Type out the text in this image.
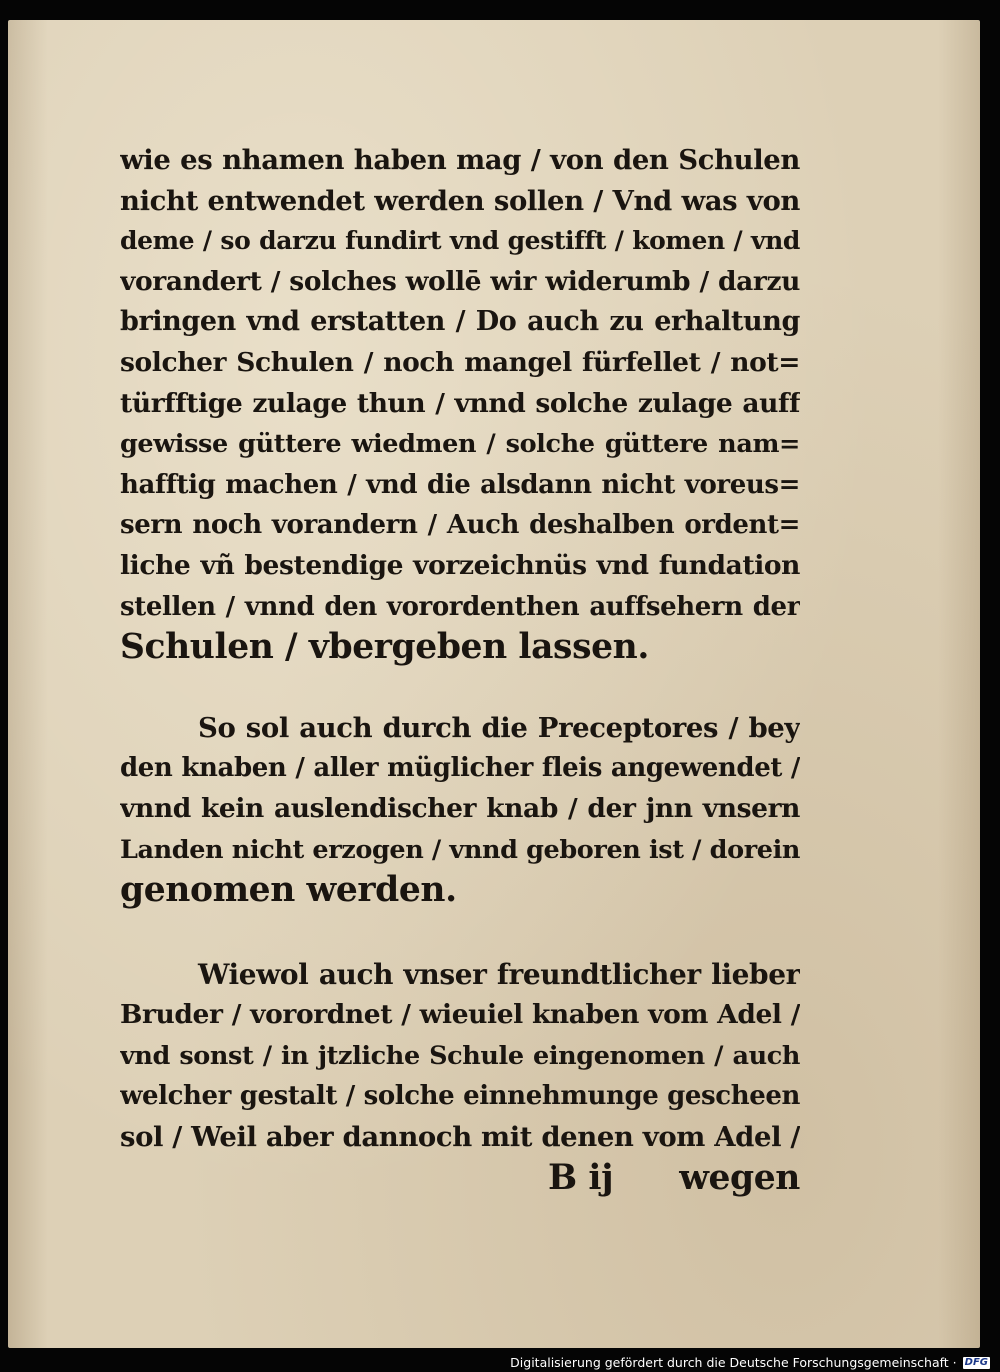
wie es nhamen haben mag / von den Schulen
nicht entwendet werden sollen / Vnd was von
deme / so darzu fundirt vnd gestifft / komen / vnd
vorandert / solches wollē wir widerumb / darzu
bringen vnd erstatten / Do auch zu erhaltung
solcher Schulen / noch mangel fürfellet / not=
türfftige zulage thun / vnnd solche zulage auff
gewisse güttere wiedmen / solche güttere nam=
hafftig machen / vnd die alsdann nicht voreus=
sern noch vorandern / Auch deshalben ordent=
liche vñ bestendige vorzeichnüs vnd fundation
stellen / vnnd den vorordenthen auffsehern der
Schulen / vbergeben lassen.
So sol auch durch die Preceptores / bey
den knaben / aller müglicher fleis angewendet /
vnnd kein auslendischer knab / der jnn vnsern
Landen nicht erzogen / vnnd geboren ist / dorein
genomen werden.
Wiewol auch vnser freundtlicher lieber
Bruder / vorordnet / wieuiel knaben vom Adel /
vnd sonst / in jtzliche Schule eingenomen / auch
welcher gestalt / solche einnehmunge gescheen
sol / Weil aber dannoch mit denen vom Adel /
B ij wegen
Digitalisierung gefördert durch die Deutsche Forschungsgemeinschaft · DFG
